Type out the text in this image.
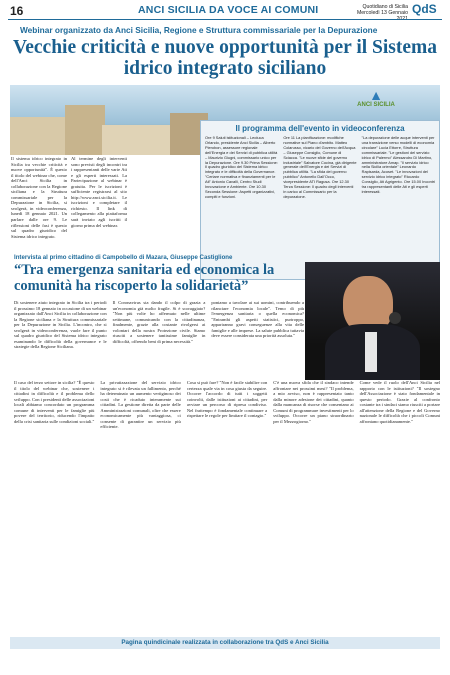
16	ANCI SICILIA DA VOCE AI COMUNI	Quotidiano di Sicilia
Mercoledì 13 Gennaio QdS
Webinar organizzato da Anci Sicilia, Regione e Struttura commissariale per la Depurazione
Vecchie criticità e nuove opportunità per il Sistema idrico integrato siciliano
▲
ANCI SICILIA
Il sistema idrico integrato in Sicilia tra vecchie criticità e nuove opportunità". È questo il titolo del webinar che, come dell'Anci Sicilia in collaborazione con la Regione siciliana e la Struttura commissariale per la Depurazione in Sicilia, si svolgerà, in videoconferenza, lunedì 18 gennaio 2021. Un parlare dalle ore 9. Le riflessioni delle fasi è questo sul quadro giuridico del Sistema idrico integrato.
Al termine degli interventi sono previsti degli incontri tra i rappresentanti delle varie Ati e gli esperti interessati. La Partecipazione al webinar è gratuita. Per le iscrizioni è sufficiente registrarsi al sito http://www.anci.sicilia.it. Le iscrizioni e completare il richiesto. Il link di collegamento alla piattaforma sarà inviato agli iscritti il giorno prima del webinar.
Il programma dell'evento in videoconferenza
Ore 9 Saluti istituzionali – Leoluca Orlando, presidente Anci Sicilia – Alberto Pierobon, assessore regionale dell'Energia e dei Servizi di pubblica utilità – Maurizio Giugni, commissario unico per la Depurazione. Ore 9.30 Prima Sessione: Il quadro giuridico del Sistema idrico integrato e le difficoltà della Governance. "Ceriare normativa e finanziamenti per le Ati" Antonio Cavalli, Centro Studi Innovazione e Ambiente. Ore 10.30 Seconda Sessione: Aspetti organizzativi, compiti e funzioni.
Ore 11 La pianificazione: modifiche normative sul Piano d'ambito. Matteo Colarusso, vicario del Governo dell'Acqua – Giuseppe Consiglio, Comune di Sciacca. "Le nuove sfide del governo industriale" Salvatore Cocina, già dirigente generale dell'Energia e dei Servizi di pubblica utilità. "La sfida del governo pubblico" Antonello Dall'Occo, vicepresidente ATI Ragusa. Ore 12.30 Terza Sessione: Il quadro degli interventi in carico al Commissario per la depurazione.
"La depurazione delle acque interventi per una transizione verso modelli di economia circolare" Lucia Ettorre, Struttura commissariale. "Le gestioni del servizio idrico di Palermo" Alessandro Di Martino, amministratore Amap. "Il servizio idrico nella Sicilia orientale" Leonardo Rapisarda, Acoset. "Le innovazioni del servizio idrico integrato" Riccardo Consiglio, Ati Agrigento. Ore 15.00 Incontri tra rappresentanti delle Ati e gli esperti interessati.
Intervista al primo cittadino di Campobello di Mazara, Giuseppe Castiglione
“Tra emergenza sanitaria ed economica la comunità ha riscoperto la solidarietà”
Di sostenere aiuto integrato in Sicilia tra i periodi il prossimo 18 gennaio in occasione di un webinar organizzato dall'Anci Sicilia in collaborazione con la Regione siciliana e la Struttura commissariale per la Depurazione in Sicilia. L'incontro, che si svolgerà in videoconferenza, vuole fare il punto sul quadro giuridico del Sistema idrico integrato esaminando le difficoltà della governance e le strategie della Regione Siciliana.
Il Coronavirus sta dando il colpo di grazia a un'economia già molto fragile. Si è scoraggiato? "Non più volte ho affermato nelle ultime settimane, comunicando con la cittadinanza, finalmente, grazie alla costante rivolgersi ai volontari della nostra Protezione civile. Siamo riusciti a sostenere tantissime famiglie in difficoltà, offrendo beni di prima necessità."
poniamo a tavolare ai sui uomini, contribuendo a rilanciare l'economia locale". Temo di più l'emergenza sanitaria o quella economica? "Entrambi gli aspetti statistici, purtroppo, appariranno gravi conseguenze alla vita delle famiglie e alle imprese. La salute pubblica tuttavia deve essere considerata una priorità assoluta."
Il caso del terzo settore in sicilia? "È questo il titolo del webinar che, sostenere i cittadini in difficoltà e il problema dello sviluppo. Con i presidenti delle associazioni locali abbiamo concordato un programma comune di interventi per le famiglie più povere del territorio, riducendo l'impatto della crisi sanitaria sulle condizioni sociali."
La privatizzazione del servizio idrico integrato si è rilevata un fallimento, perché ha determinato un aumento vertiginoso dei costi che è ricaduto interamente sui cittadini. La gestione diretta da parte delle Amministrazioni comunali, oltre che essere economicamente più vantaggiosa, ci consente di garantire un servizio più efficiente.
Cosa si può fare? "Non è facile stabilire con certezza quale via in cosa giusta da seguire. Occorre l'accordo di tutti i soggetti coinvolti, dalle istituzioni ai cittadini, per avviare un percorso di ripresa condiviso. Nel frattempo è fondamentale continuare a rispettare le regole per limitare il contagio."
C'è una nuova sfida che il sindaco intende affrontare nei prossimi mesi? "Il problema, a mio avviso, non è rappresentato tanto dalla minore adesione dei cittadini, quanto dalla mancanza di risorse che consentano ai Comuni di programmare investimenti per lo sviluppo. Occorre un piano straordinario per il Mezzogiorno."
Come vede il ruolo dell'Anci Sicilia nel rapporto con le istituzioni? "Il sostegno dell'Associazione è stato fondamentale in questo periodo. Grazie al confronto costante tra i sindaci siamo riusciti a portare all'attenzione della Regione e del Governo nazionale le difficoltà che i piccoli Comuni affrontano quotidianamente."
Pagina quindicinale realizzata in collaborazione tra QdS e Anci Sicilia
